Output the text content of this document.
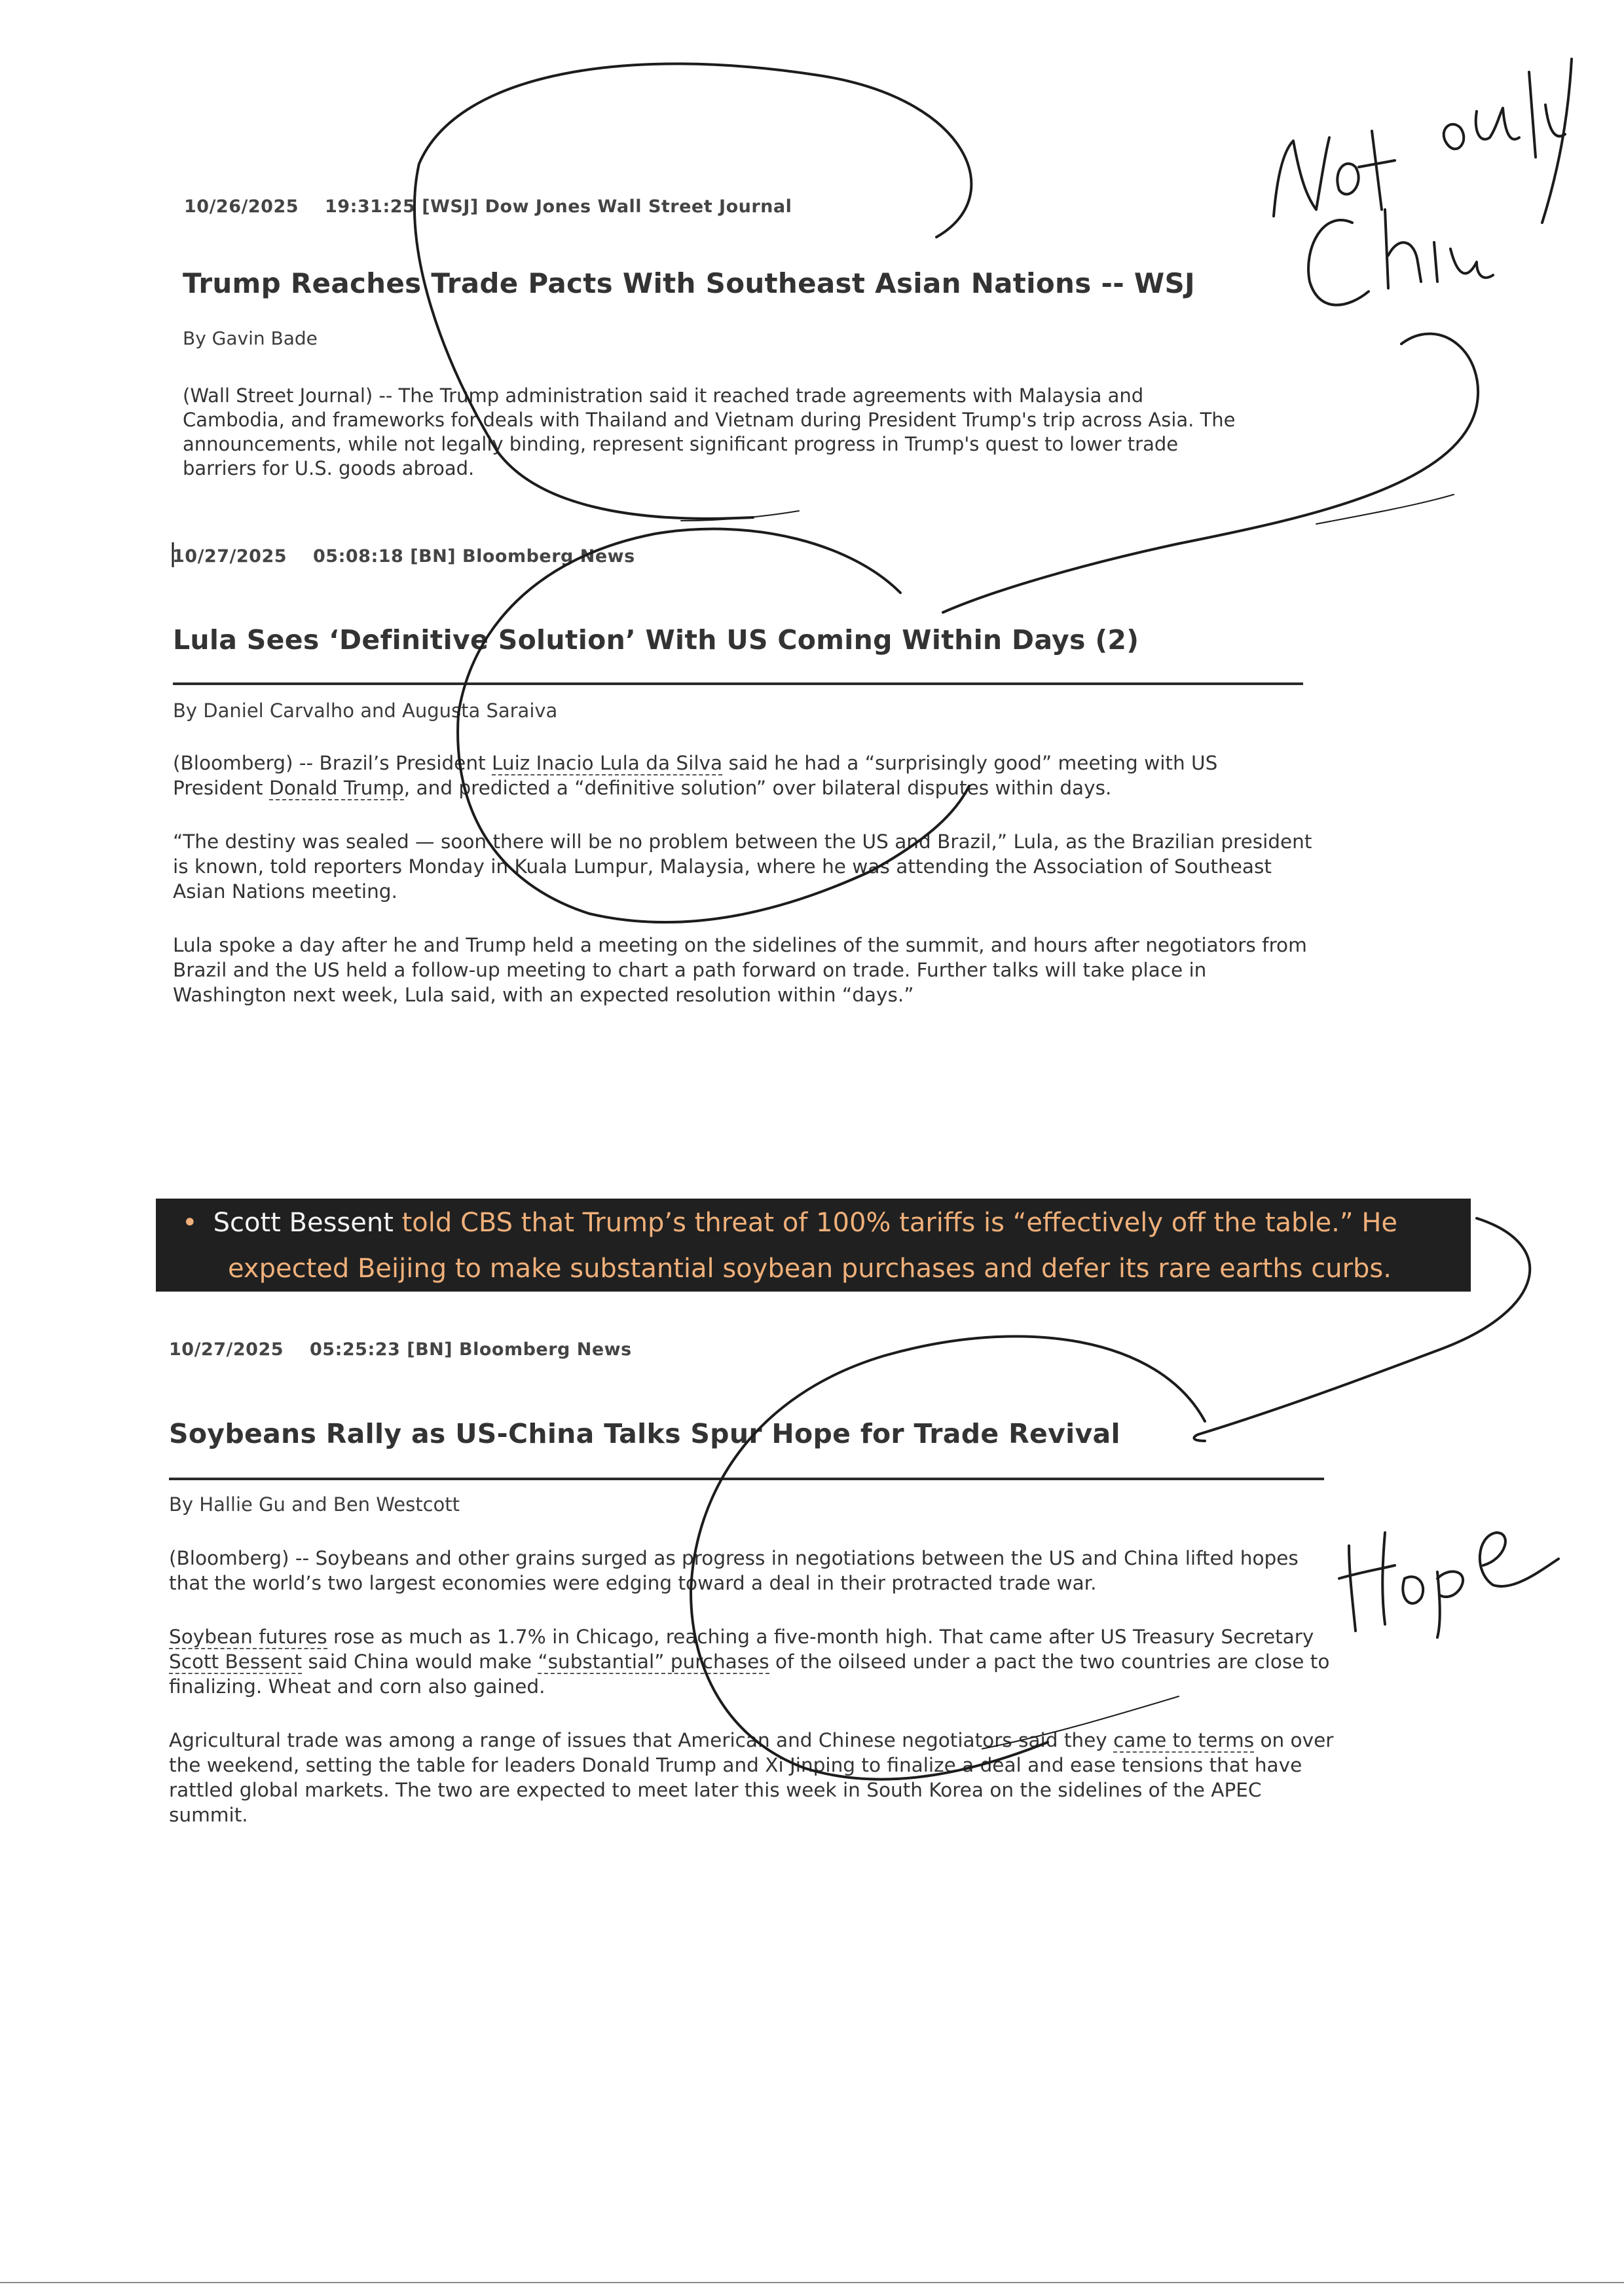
10/26/2025 19:31:25 [WSJ] Dow Jones Wall Street Journal
Trump Reaches Trade Pacts With Southeast Asian Nations -- WSJ
By Gavin Bade
(Wall Street Journal) -- The Trump administration said it reached trade agreements with Malaysia and
Cambodia, and frameworks for deals with Thailand and Vietnam during President Trump's trip across Asia. The
announcements, while not legally binding, represent significant progress in Trump's quest to lower trade
barriers for U.S. goods abroad.
10/27/2025 05:08:18 [BN] Bloomberg News
Lula Sees ‘Definitive Solution’ With US Coming Within Days (2)
By Daniel Carvalho and Augusta Saraiva

(Bloomberg) -- Brazil’s President Luiz Inacio Lula da Silva said he had a “surprisingly good” meeting with US President Donald Trump, and predicted a “definitive solution” over bilateral disputes within days.

“The destiny was sealed — soon there will be no problem between the US and Brazil,” Lula, as the Brazilian president is known, told reporters Monday in Kuala Lumpur, Malaysia, where he was attending the Association of Southeast Asian Nations meeting.

Lula spoke a day after he and Trump held a meeting on the sidelines of the summit, and hours after negotiators from Brazil and the US held a follow-up meeting to chart a path forward on trade. Further talks will take place in Washington next week, Lula said, with an expected resolution within “days.”

• Scott Bessent told CBS that Trump’s threat of 100% tariffs is “effectively off the table.” He
expected Beijing to make substantial soybean purchases and defer its rare earths curbs.
10/27/2025 05:25:23 [BN] Bloomberg News
Soybeans Rally as US-China Talks Spur Hope for Trade Revival
By Hallie Gu and Ben Westcott

(Bloomberg) -- Soybeans and other grains surged as progress in negotiations between the US and China lifted hopes that the world’s two largest economies were edging toward a deal in their protracted trade war.

Soybean futures rose as much as 1.7% in Chicago, reaching a five-month high. That came after US Treasury Secretary Scott Bessent said China would make “substantial” purchases of the oilseed under a pact the two countries are close to finalizing. Wheat and corn also gained.

Agricultural trade was among a range of issues that American and Chinese negotiators said they came to terms on over the weekend, setting the table for leaders Donald Trump and Xi Jinping to finalize a deal and ease tensions that have rattled global markets. The two are expected to meet later this week in South Korea on the sidelines of the APEC summit.
